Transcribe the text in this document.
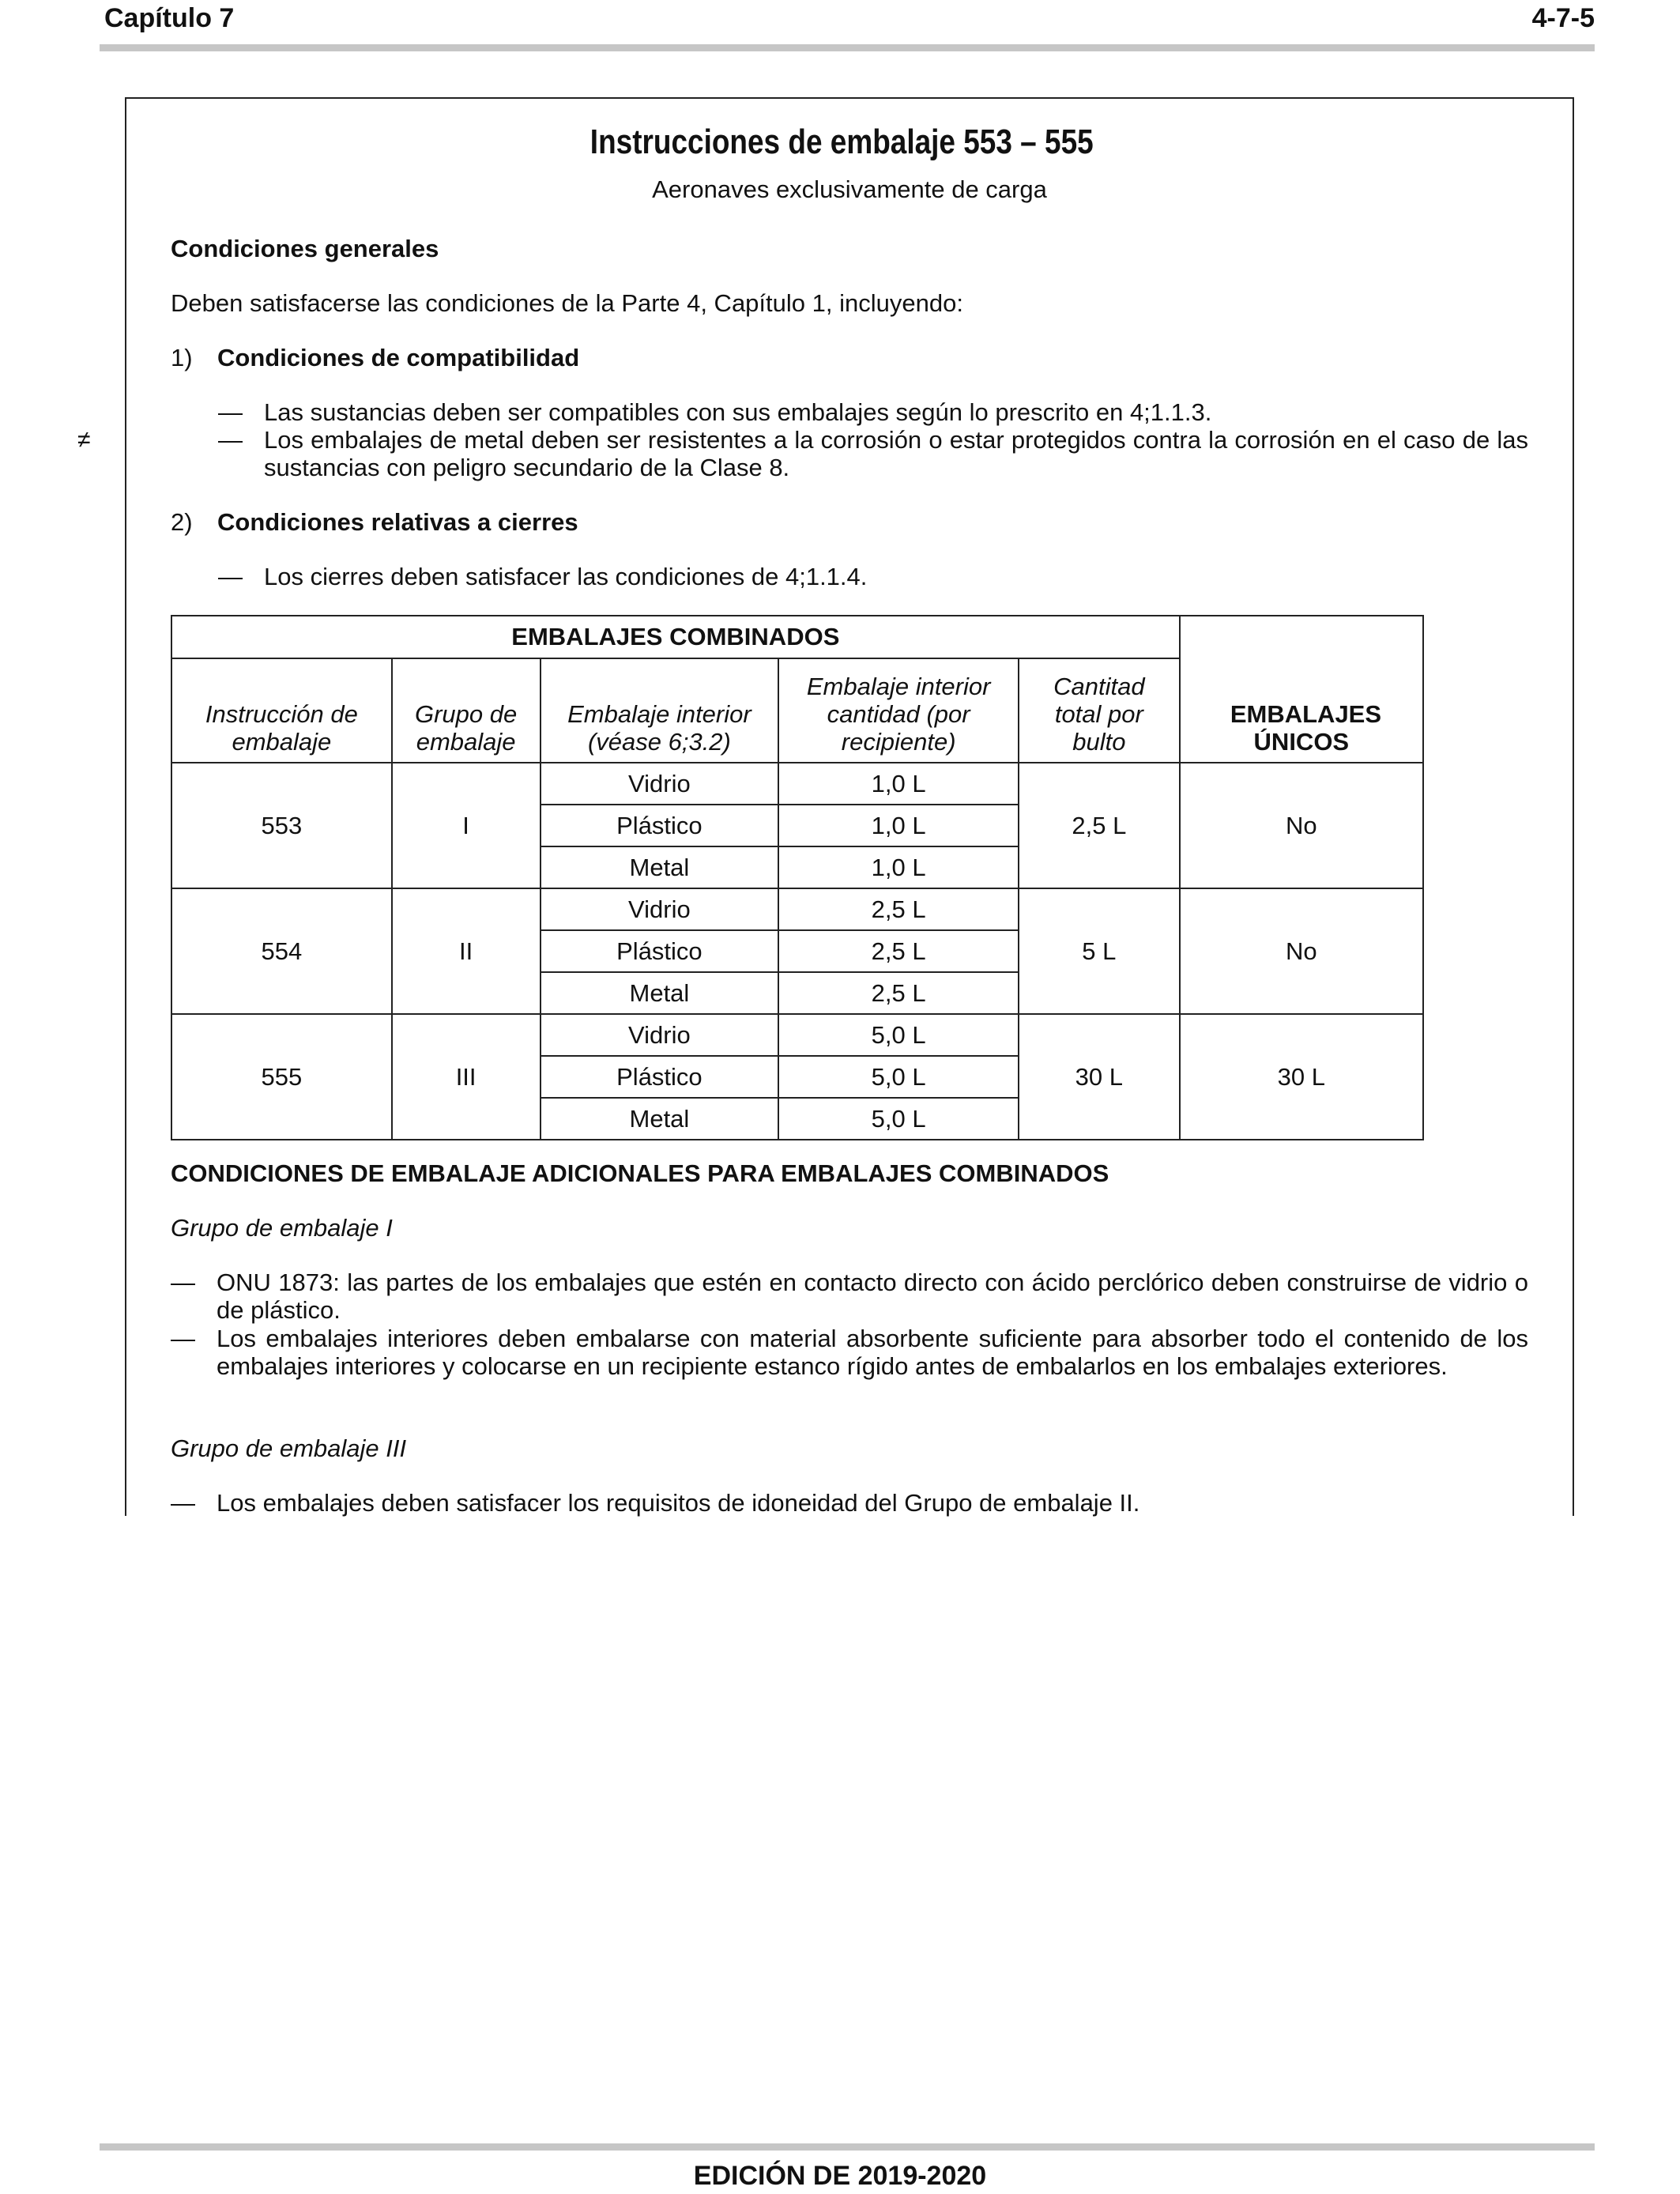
Capítulo 7	4-7-5
≠
Instrucciones de embalaje 553 – 555
Aeronaves exclusivamente de carga
Condiciones generales
Deben satisfacerse las condiciones de la Parte 4, Capítulo 1, incluyendo:
1) Condiciones de compatibilidad
— Las sustancias deben ser compatibles con sus embalajes según lo prescrito en 4;1.1.3.
— Los embalajes de metal deben ser resistentes a la corrosión o estar protegidos contra la corrosión en el caso de las sustancias con peligro secundario de la Clase 8.
2) Condiciones relativas a cierres
— Los cierres deben satisfacer las condiciones de 4;1.1.4.
EMBALAJES COMBINADOS					EMBALAJES ÚNICOS
Instrucción de embalaje	Grupo de embalaje	Embalaje interior (véase 6;3.2)	Embalaje interior cantidad (por recipiente)	Cantitad total por bulto	
553	I	Vidrio	1,0 L	2,5 L	No
		Plástico	1,0 L		
		Metal	1,0 L		
554	II	Vidrio	2,5 L	5 L	No
		Plástico	2,5 L		
		Metal	2,5 L		
555	III	Vidrio	5,0 L	30 L	30 L
		Plástico	5,0 L		
		Metal	5,0 L		
CONDICIONES DE EMBALAJE ADICIONALES PARA EMBALAJES COMBINADOS
Grupo de embalaje I
— ONU 1873: las partes de los embalajes que estén en contacto directo con ácido perclórico deben construirse de vidrio o de plástico.
— Los embalajes interiores deben embalarse con material absorbente suficiente para absorber todo el contenido de los embalajes interiores y colocarse en un recipiente estanco rígido antes de embalarlos en los embalajes exteriores.
Grupo de embalaje III
— Los embalajes deben satisfacer los requisitos de idoneidad del Grupo de embalaje II.
EDICIÓN DE 2019-2020
